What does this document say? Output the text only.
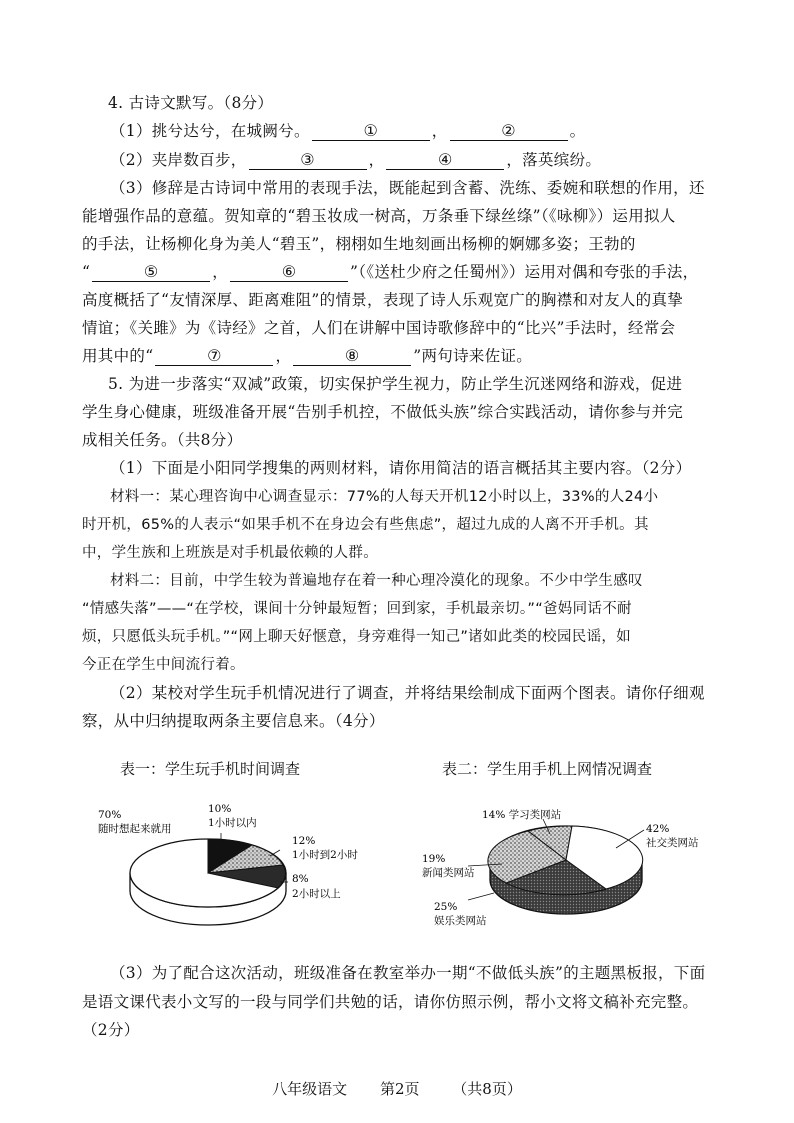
4. 古诗文默写。（8分）
（1）挑兮达兮，在城阙兮。	①	，	②	。
（2）夹岸数百步，	③	，	④	，落英缤纷。
（3）修辞是古诗词中常用的表现手法，既能起到含蓄、洗练、委婉和联想的作用，还
能增强作品的意蕴。贺知章的“碧玉妆成一树高，万条垂下绿丝绦”（《咏柳》）运用拟人
的手法，让杨柳化身为美人“碧玉”，栩栩如生地刻画出杨柳的婀娜多姿；王勃的
“	⑤	，	⑥	”（《送杜少府之任蜀州》）运用对偶和夸张的手法，
高度概括了“友情深厚、距离难阻”的情景，表现了诗人乐观宽广的胸襟和对友人的真挚
情谊；《关雎》为《诗经》之首，人们在讲解中国诗歌修辞中的“比兴”手法时，经常会
用其中的“	⑦	，	⑧	”两句诗来佐证。
5. 为进一步落实“双减”政策，切实保护学生视力，防止学生沉迷网络和游戏，促进
学生身心健康，班级准备开展“告别手机控，不做低头族”综合实践活动，请你参与并完
成相关任务。（共8分）
（1）下面是小阳同学搜集的两则材料，请你用简洁的语言概括其主要内容。（2分）
材料一：某心理咨询中心调查显示：77%的人每天开机12小时以上，33%的人24小
时开机，65%的人表示“如果手机不在身边会有些焦虑”，超过九成的人离不开手机。其
中，学生族和上班族是对手机最依赖的人群。
材料二：目前，中学生较为普遍地存在着一种心理冷漠化的现象。不少中学生感叹
“情感失落”——“在学校，课间十分钟最短暂；回到家，手机最亲切。”“爸妈同话不耐
烦，只愿低头玩手机。”“网上聊天好惬意，身旁难得一知己”诸如此类的校园民谣，如
今正在学生中间流行着。
（2）某校对学生玩手机情况进行了调查，并将结果绘制成下面两个图表。请你仔细观
察，从中归纳提取两条主要信息来。（4分）
表一：学生玩手机时间调查	表二：学生用手机上网情况调查
70%
随时想起来就用
10%
1小时以内
12%
1小时到2小时
8%
2小时以上
14% 学习类网站
42%
社交类网站
19%
新闻类网站
25%
娱乐类网站
（3）为了配合这次活动，班级准备在教室举办一期“不做低头族”的主题黑板报，下面
是语文课代表小文写的一段与同学们共勉的话，请你仿照示例，帮小文将文稿补充完整。
（2分）
八年级语文 第2页 （共8页）
